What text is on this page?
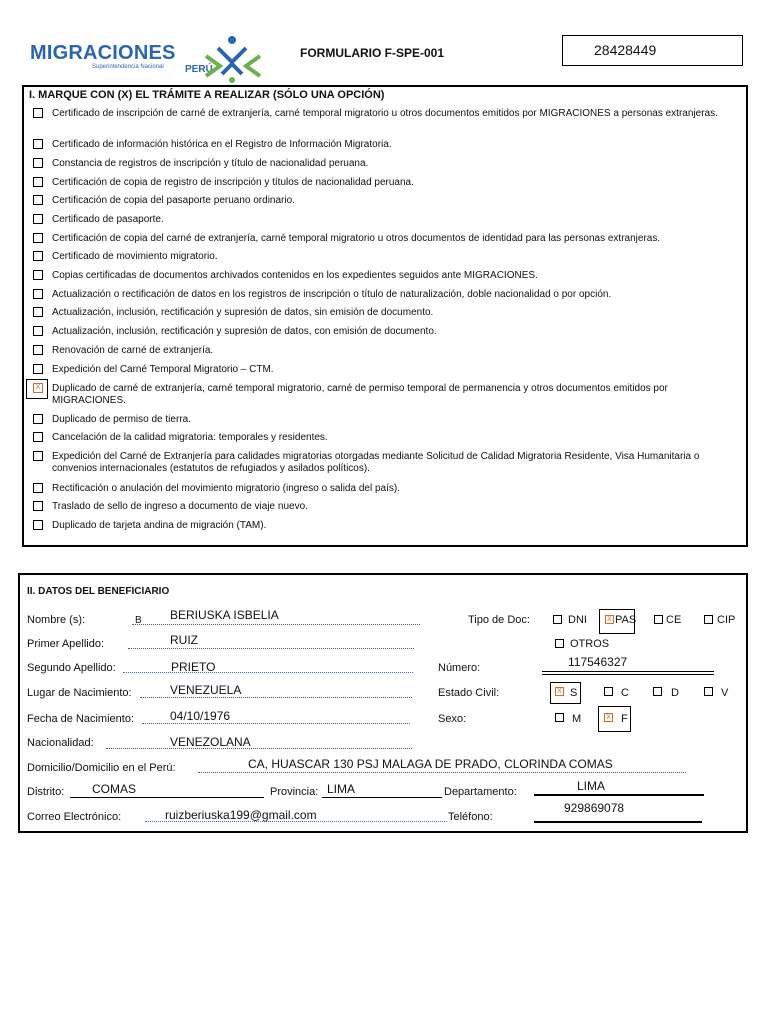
MIGRACIONES
Superintendencia Nacional PERÚ
FORMULARIO F-SPE-001	28428449
I. MARQUE CON (X) EL TRÁMITE A REALIZAR (SÓLO UNA OPCIÓN)
Certificado de inscripción de carné de extranjería, carné temporal migratorio u otros documentos emitidos por MIGRACIONES a personas extranjeras.
Certificado de información histórica en el Registro de Información Migratoria.
Constancia de registros de inscripción y título de nacionalidad peruana.
Certificación de copia de registro de inscripción y títulos de nacionalidad peruana.
Certificación de copia del pasaporte peruano ordinario.
Certificado de pasaporte.
Certificación de copia del carné de extranjería, carné temporal migratorio u otros documentos de identidad para las personas extranjeras.
Certificado de movimiento migratorio.
Copias certificadas de documentos archivados contenidos en los expedientes seguidos ante MIGRACIONES.
Actualización o rectificación de datos en los registros de inscripción o título de naturalización, doble nacionalidad o por opción.
Actualización, inclusión, rectificación y supresión de datos, sin emisión de documento.
Actualización, inclusión, rectificación y supresión de datos, con emisión de documento.
Renovación de carné de extranjería.
Expedición del Carné Temporal Migratorio – CTM.
X Duplicado de carné de extranjería, carné temporal migratorio, carné de permiso temporal de permanencia y otros documentos emitidos por MIGRACIONES.
Duplicado de permiso de tierra.
Cancelación de la calidad migratoria: temporales y residentes.
Expedición del Carné de Extranjería para calidades migratorias otorgadas mediante Solicitud de Calidad Migratoria Residente, Visa Humanitaria o convenios internacionales (estatutos de refugiados y asilados políticos).
Rectificación o anulación del movimiento migratorio (ingreso o salida del país).
Traslado de sello de ingreso a documento de viaje nuevo.
Duplicado de tarjeta andina de migración (TAM).
II. DATOS DEL BENEFICIARIO
Nombre (s):	B BERIUSKA ISBELIA
Primer Apellido:	RUIZ
Segundo Apellido:	PRIETO
Lugar de Nacimiento:	VENEZUELA
Fecha de Nacimiento:	04/10/1976
Nacionalidad:	VENEZOLANA
Domicilio/Domicilio en el Perú:	CA, HUASCAR 130 PSJ MALAGA DE PRADO, CLORINDA COMAS
Distrito: COMAS	Provincia: LIMA	Departamento:	LIMA
Correo Electrónico:	ruizberiuska199@gmail.com	Teléfono:
929869078
Tipo de Doc:	DNI	X PAS	CE	CIP
OTROS
Número:	117546327
Estado Civil:	X S	C	D	V
Sexo:	M	X F
